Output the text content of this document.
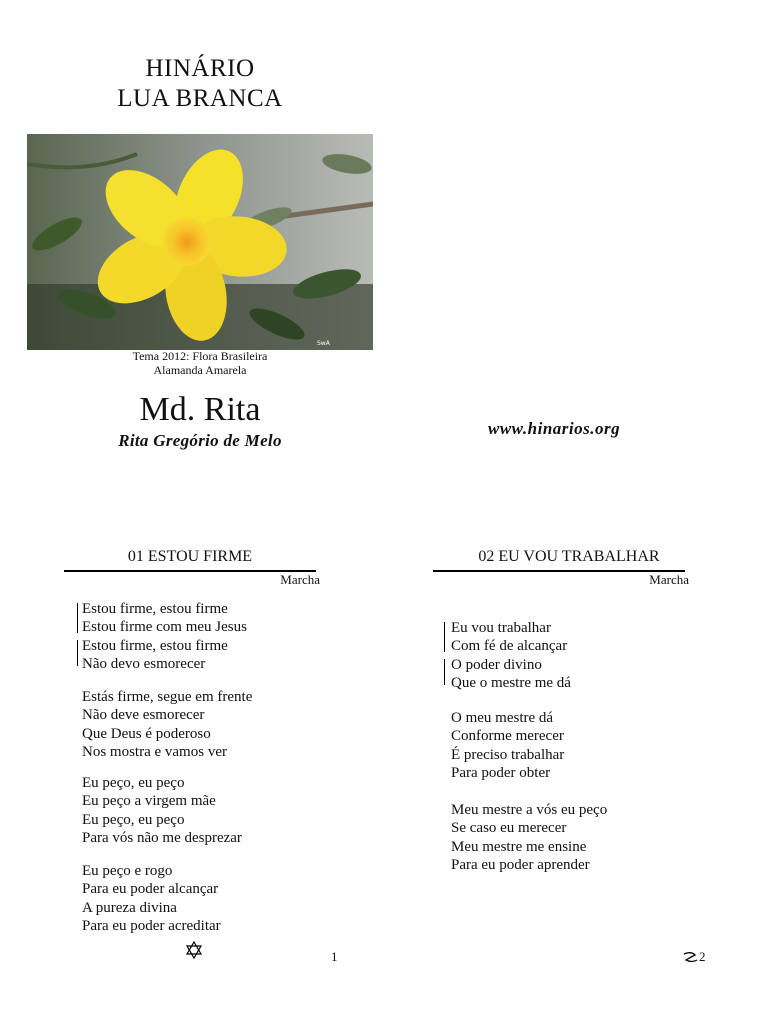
HINÁRIO
LUA BRANCA
SwA
Tema 2012: Flora Brasileira
Alamanda Amarela
Md. Rita
Rita Gregório de Melo
www.hinarios.org
01 ESTOU FIRME
Marcha
Estou firme, estou firme
Estou firme com meu Jesus
Estou firme, estou firme
Não devo esmorecer
Estás firme, segue em frente
Não deve esmorecer
Que Deus é poderoso
Nos mostra e vamos ver
Eu peço, eu peço
Eu peço a virgem mãe
Eu peço, eu peço
Para vós não me desprezar
Eu peço e rogo
Para eu poder alcançar
A pureza divina
Para eu poder acreditar
02 EU VOU TRABALHAR
Marcha
Eu vou trabalhar
Com fé de alcançar
O poder divino
Que o mestre me dá
O meu mestre dá
Conforme merecer
É preciso trabalhar
Para poder obter
Meu mestre a vós eu peço
Se caso eu merecer
Meu mestre me ensine
Para eu poder aprender
1	2
